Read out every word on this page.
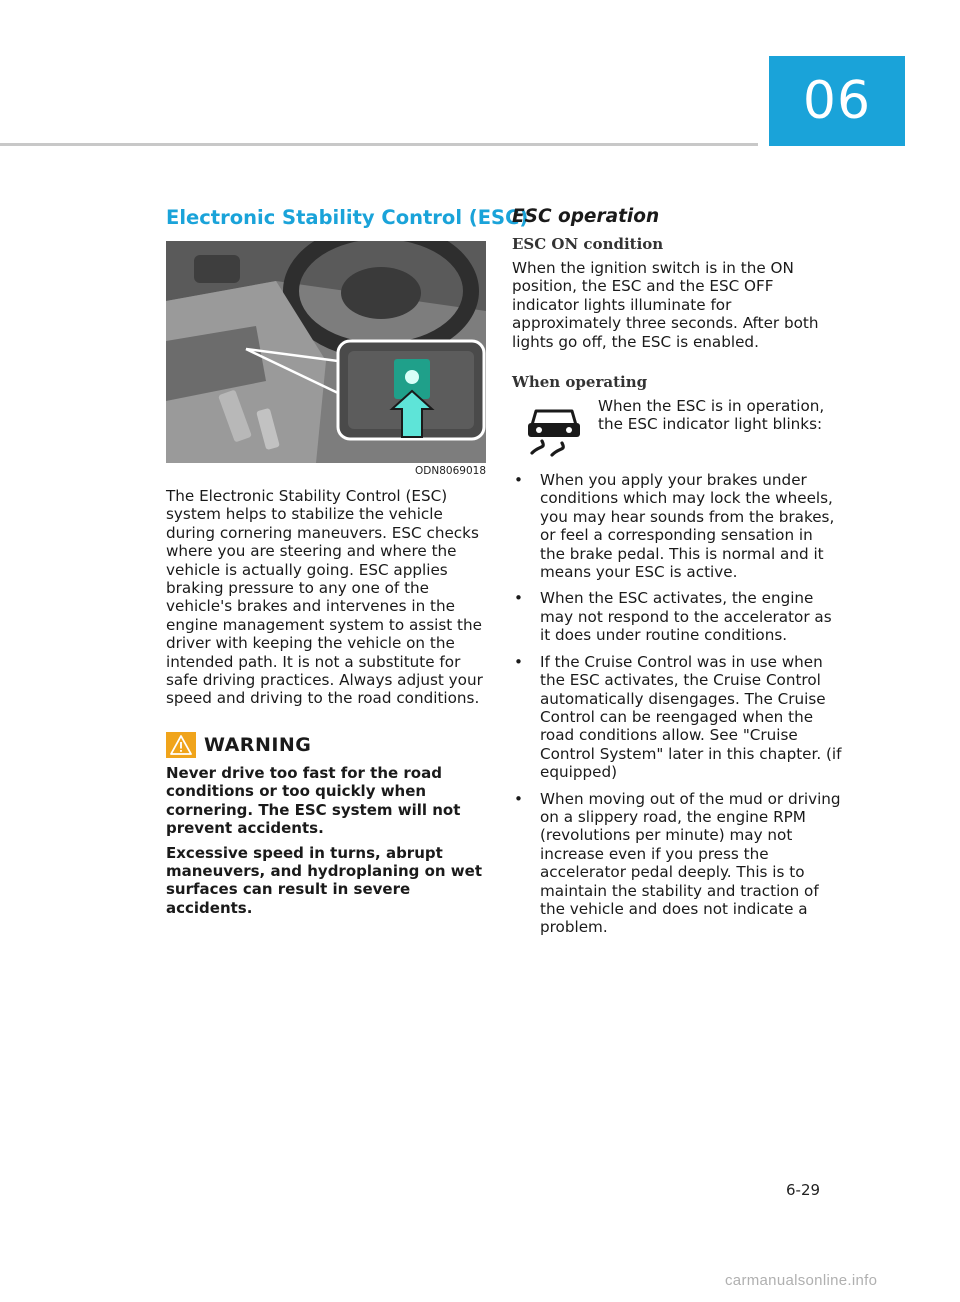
06
Electronic Stability Control (ESC)
ODN8069018

The Electronic Stability Control (ESC) system helps to stabilize the vehicle during cornering maneuvers. ESC checks where you are steering and where the vehicle is actually going. ESC applies braking pressure to any one of the vehicle's brakes and intervenes in the engine management system to assist the driver with keeping the vehicle on the intended path. It is not a substitute for safe driving practices. Always adjust your speed and driving to the road conditions.

WARNING

Never drive too fast for the road conditions or too quickly when cornering. The ESC system will not prevent accidents.

Excessive speed in turns, abrupt maneuvers, and hydroplaning on wet surfaces can result in severe accidents.

ESC operation
ESC ON condition

When the ignition switch is in the ON position, the ESC and the ESC OFF indicator lights illuminate for approximately three seconds. After both lights go off, the ESC is enabled.

When operating

When the ESC is in operation, the ESC indicator light blinks:

• When you apply your brakes under conditions which may lock the wheels, you may hear sounds from the brakes, or feel a corresponding sensation in the brake pedal. This is normal and it means your ESC is active.
• When the ESC activates, the engine may not respond to the accelerator as it does under routine conditions.
• If the Cruise Control was in use when the ESC activates, the Cruise Control automatically disengages. The Cruise Control can be reengaged when the road conditions allow. See "Cruise Control System" later in this chapter. (if equipped)
• When moving out of the mud or driving on a slippery road, the engine RPM (revolutions per minute) may not increase even if you press the accelerator pedal deeply. This is to maintain the stability and traction of the vehicle and does not indicate a problem.
6-29
carmanualsonline.info
